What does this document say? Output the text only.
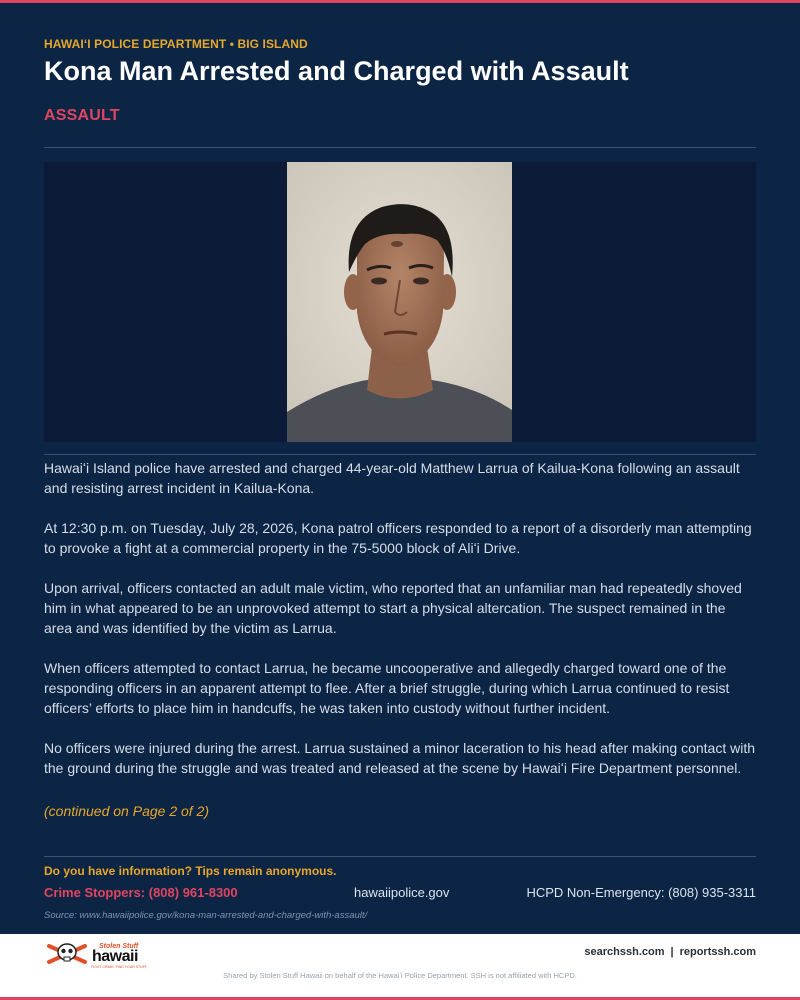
HAWAIʻI POLICE DEPARTMENT • BIG ISLAND
Kona Man Arrested and Charged with Assault
ASSAULT

Hawaiʻi Island police have arrested and charged 44-year-old Matthew Larrua of Kailua-Kona following an assault and resisting arrest incident in Kailua-Kona.

At 12:30 p.m. on Tuesday, July 28, 2026, Kona patrol officers responded to a report of a disorderly man attempting to provoke a fight at a commercial property in the 75-5000 block of Aliʻi Drive.

Upon arrival, officers contacted an adult male victim, who reported that an unfamiliar man had repeatedly shoved him in what appeared to be an unprovoked attempt to start a physical altercation. The suspect remained in the area and was identified by the victim as Larrua.

When officers attempted to contact Larrua, he became uncooperative and allegedly charged toward one of the responding officers in an apparent attempt to flee. After a brief struggle, during which Larrua continued to resist officers’ efforts to place him in handcuffs, he was taken into custody without further incident.

No officers were injured during the arrest. Larrua sustained a minor laceration to his head after making contact with the ground during the struggle and was treated and released at the scene by Hawaiʻi Fire Department personnel.

(continued on Page 2 of 2)
Do you have information? Tips remain anonymous.
Crime Stoppers: (808) 961-8300	hawaiipolice.gov	HCPD Non-Emergency: (808) 935-3311
Source: www.hawaiipolice.gov/kona-man-arrested-and-charged-with-assault/
Stolen Stuff
hawaii
FIGHT CRIME. FIND YOUR STUFF.
searchssh.com | reportssh.com
Shared by Stolen Stuff Hawaii on behalf of the Hawaiʻi Police Department. SSH is not affiliated with HCPD.
